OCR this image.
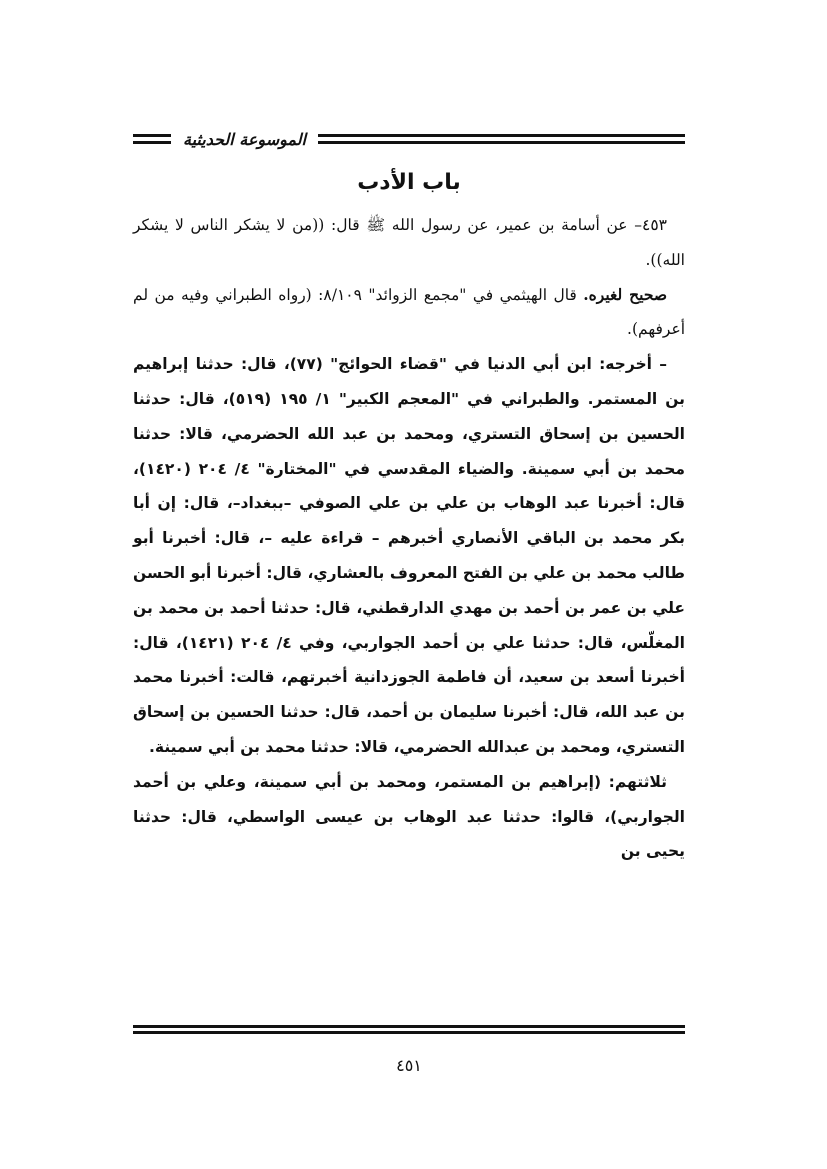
الموسوعة الحديثية
باب الأدب

٤٥٣– عن أسامة بن عمير، عن رسول الله ﷺ قال: ((من لا يشكر الناس لا يشكر الله)).

صحيح لغيره. قال الهيثمي في "مجمع الزوائد" ٨/١٠٩: (رواه الطبراني وفيه من لم أعرفهم).

– أخرجه: ابن أبي الدنيا في "قضاء الحوائج" (٧٧)، قال: حدثنا إبراهيم بن المستمر. والطبراني في "المعجم الكبير" ١/ ١٩٥ (٥١٩)، قال: حدثنا الحسين بن إسحاق التستري، ومحمد بن عبد الله الحضرمي، قالا: حدثنا محمد بن أبي سمينة. والضياء المقدسي في "المختارة" ٤/ ٢٠٤ (١٤٢٠)، قال: أخبرنا عبد الوهاب بن علي بن علي الصوفي –ببغداد–، قال: إن أبا بكر محمد بن الباقي الأنصاري أخبرهم – قراءة عليه –، قال: أخبرنا أبو طالب محمد بن علي بن الفتح المعروف بالعشاري، قال: أخبرنا أبو الحسن علي بن عمر بن أحمد بن مهدي الدارقطني، قال: حدثنا أحمد بن محمد بن المغلّس، قال: حدثنا علي بن أحمد الجواربي، وفي ٤/ ٢٠٤ (١٤٢١)، قال: أخبرنا أسعد بن سعيد، أن فاطمة الجوزدانية أخبرتهم، قالت: أخبرنا محمد بن عبد الله، قال: أخبرنا سليمان بن أحمد، قال: حدثنا الحسين بن إسحاق التستري، ومحمد بن عبدالله الحضرمي، قالا: حدثنا محمد بن أبي سمينة.

ثلاثتهم: (إبراهيم بن المستمر، ومحمد بن أبي سمينة، وعلي بن أحمد الجواربي)، قالوا: حدثنا عبد الوهاب بن عيسى الواسطي، قال: حدثنا يحيى بن

٤٥١
